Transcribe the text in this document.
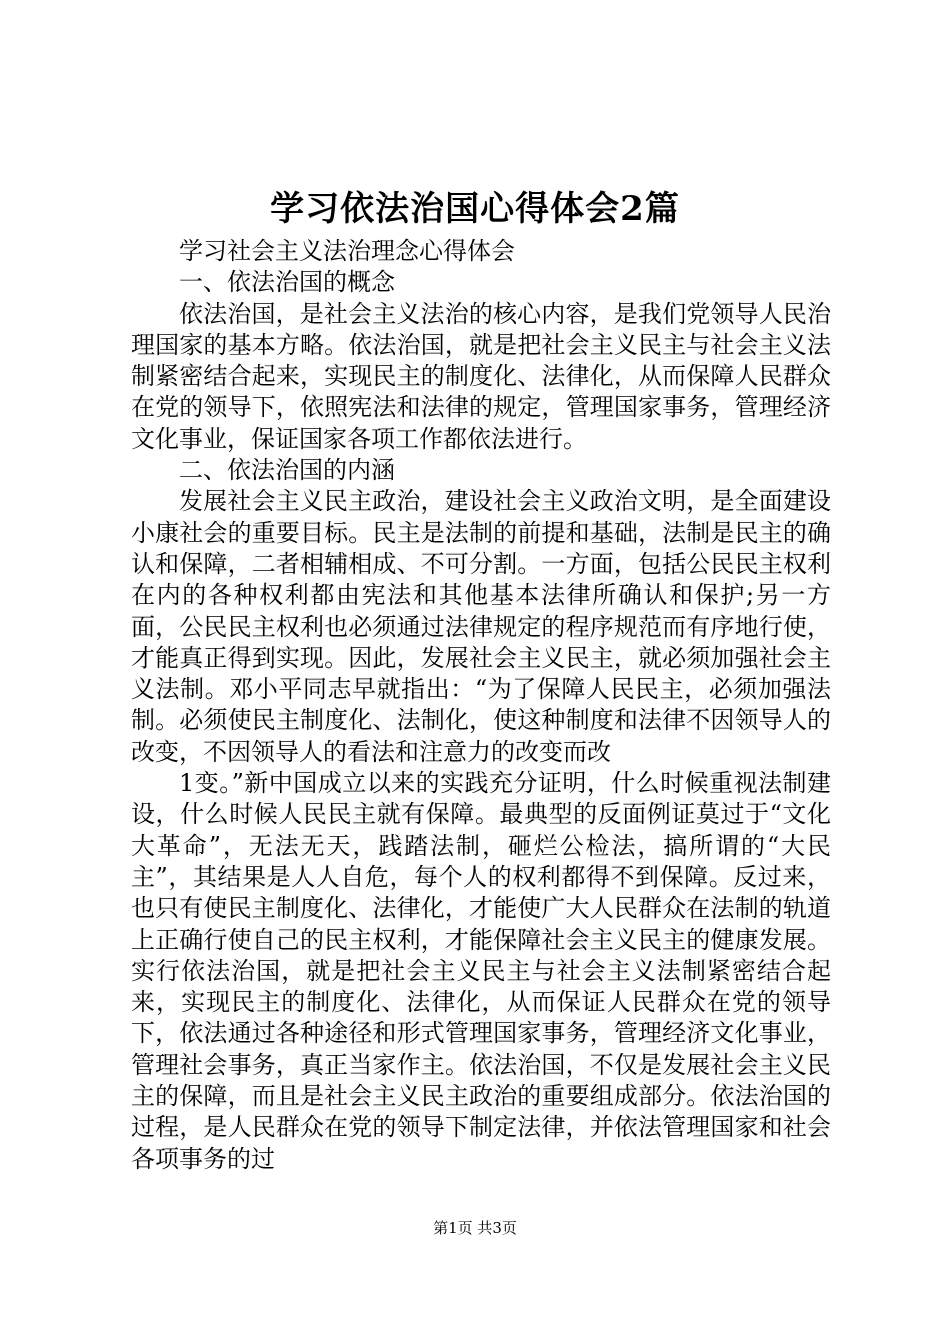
学习依法治国心得体会2篇

学习社会主义法治理念心得体会

一、依法治国的概念

依法治国，是社会主义法治的核心内容，是我们党领导人民治理国家的基本方略。依法治国，就是把社会主义民主与社会主义法制紧密结合起来，实现民主的制度化、法律化，从而保障人民群众在党的领导下，依照宪法和法律的规定，管理国家事务，管理经济文化事业，保证国家各项工作都依法进行。

二、依法治国的内涵

发展社会主义民主政治，建设社会主义政治文明，是全面建设小康社会的重要目标。民主是法制的前提和基础，法制是民主的确认和保障，二者相辅相成、不可分割。一方面，包括公民民主权利在内的各种权利都由宪法和其他基本法律所确认和保护;另一方面，公民民主权利也必须通过法律规定的程序规范而有序地行使，才能真正得到实现。因此，发展社会主义民主，就必须加强社会主义法制。邓小平同志早就指出：“为了保障人民民主，必须加强法制。必须使民主制度化、法制化，使这种制度和法律不因领导人的改变，不因领导人的看法和注意力的改变而改

1变。”新中国成立以来的实践充分证明，什么时候重视法制建设，什么时候人民民主就有保障。最典型的反面例证莫过于“文化大革命”，无法无天，践踏法制，砸烂公检法，搞所谓的“大民主”，其结果是人人自危，每个人的权利都得不到保障。反过来，也只有使民主制度化、法律化，才能使广大人民群众在法制的轨道上正确行使自己的民主权利，才能保障社会主义民主的健康发展。实行依法治国，就是把社会主义民主与社会主义法制紧密结合起来，实现民主的制度化、法律化，从而保证人民群众在党的领导下，依法通过各种途径和形式管理国家事务，管理经济文化事业，管理社会事务，真正当家作主。依法治国，不仅是发展社会主义民主的保障，而且是社会主义民主政治的重要组成部分。依法治国的过程，是人民群众在党的领导下制定法律，并依法管理国家和社会各项事务的过

第1页 共3页
